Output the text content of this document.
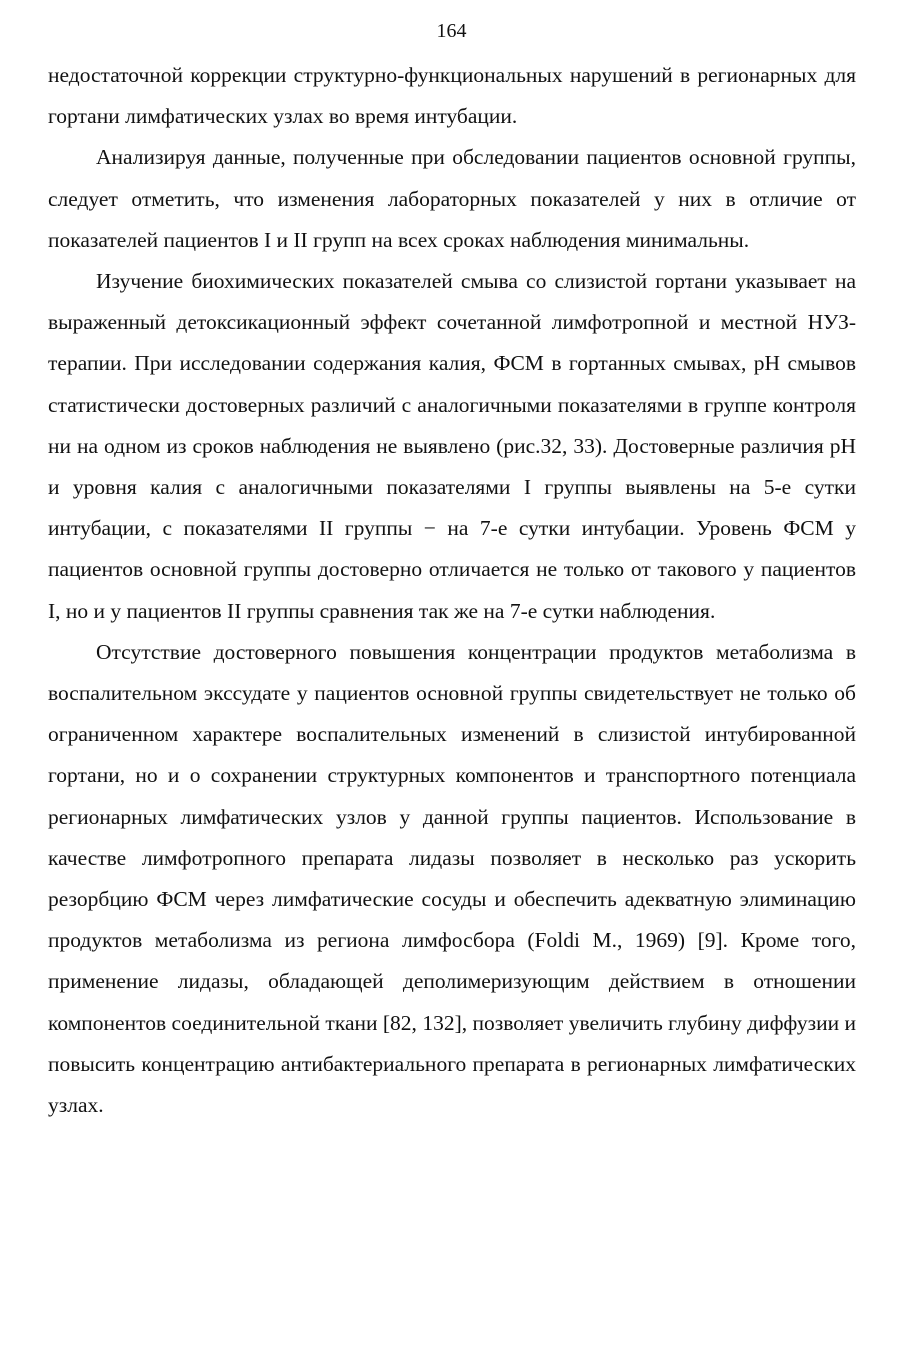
164

недостаточной коррекции структурно-функциональных нарушений в регионарных для гортани лимфатических узлах во время интубации.

Анализируя данные, полученные при обследовании пациентов основной группы, следует отметить, что изменения лабораторных показателей у них в отличие от показателей пациентов I и II групп на всех сроках наблюдения минимальны.

Изучение биохимических показателей смыва со слизистой гортани указывает на выраженный детоксикационный эффект сочетанной лимфотропной и местной НУЗ-терапии. При исследовании содержания калия, ФСМ в гортанных смывах, pH смывов статистически достоверных различий с аналогичными показателями в группе контроля ни на одном из сроков наблюдения не выявлено (рис.32, 33). Достоверные различия pH и уровня калия с аналогичными показателями I группы выявлены на 5-е сутки интубации, с показателями II группы − на 7-е сутки интубации. Уровень ФСМ у пациентов основной группы достоверно отличается не только от такового у пациентов I, но и у пациентов II группы сравнения так же на 7-е сутки наблюдения.

Отсутствие достоверного повышения концентрации продуктов метаболизма в воспалительном экссудате у пациентов основной группы свидетельствует не только об ограниченном характере воспалительных изменений в слизистой интубированной гортани, но и о сохранении структурных компонентов и транспортного потенциала регионарных лимфатических узлов у данной группы пациентов. Использование в качестве лимфотропного препарата лидазы позволяет в несколько раз ускорить резорбцию ФСМ через лимфатические сосуды и обеспечить адекватную элиминацию продуктов метаболизма из региона лимфосбора (Foldi M., 1969) [9]. Кроме того, применение лидазы, обладающей деполимеризующим действием в отношении компонентов соединительной ткани [82, 132], позволяет увеличить глубину диффузии и повысить концентрацию антибактериального препарата в регионарных лимфатических узлах.
